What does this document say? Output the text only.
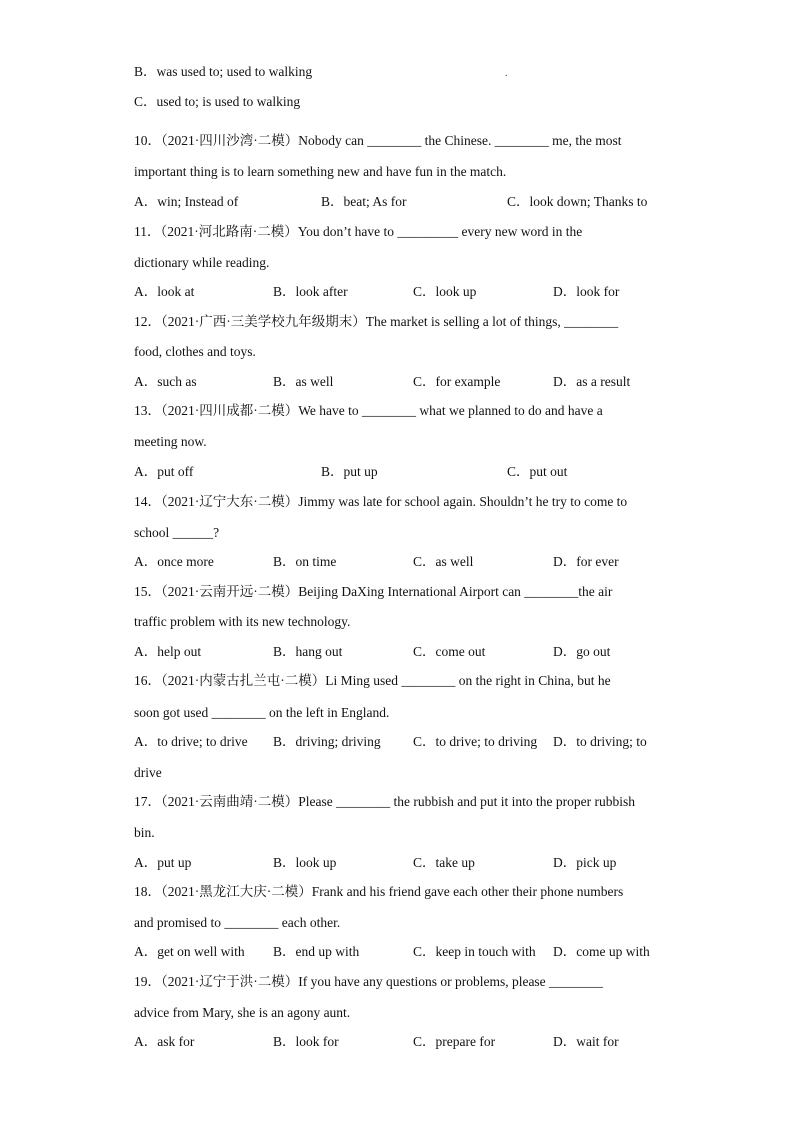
B．was used to; used to walking	.
C．used to; is used to walking
10．（2021·四川沙湾·二模）Nobody can ________ the Chinese. ________ me, the most
important thing is to learn something new and have fun in the match.
A．win; Instead of	B．beat; As for	C．look down; Thanks to
11．（2021·河北路南·二模）You don’t have to _________ every new word in the
dictionary while reading.
A．look at	B．look after	C．look up	D．look for
12．（2021·广西·三美学校九年级期末）The market is selling a lot of things, ________
food, clothes and toys.
A．such as	B．as well	C．for example	D．as a result
13．（2021·四川成都·二模）We have to ________ what we planned to do and have a
meeting now.
A．put off	B．put up	C．put out
14．（2021·辽宁大东·二模）Jimmy was late for school again. Shouldn’t he try to come to
school ______?
A．once more	B．on time	C．as well	D．for ever
15．（2021·云南开远·二模）Beijing DaXing International Airport can ________the air
traffic problem with its new technology.
A．help out	B．hang out	C．come out	D．go out
16．（2021·内蒙古扎兰屯·二模）Li Ming used ________ on the right in China, but he
soon got used ________ on the left in England.
A．to drive; to drive B．driving; driving C．to drive; to driving D．to driving; to
drive
17．（2021·云南曲靖·二模）Please ________ the rubbish and put it into the proper rubbish
bin.
A．put up	B．look up	C．take up	D．pick up
18．（2021·黑龙江大庆·二模）Frank and his friend gave each other their phone numbers
and promised to ________ each other.
A．get on well with B．end up with	C．keep in touch with D．come up with
19．（2021·辽宁于洪·二模）If you have any questions or problems, please ________
advice from Mary, she is an agony aunt.
A．ask for	B．look for	C．prepare for	D．wait for
